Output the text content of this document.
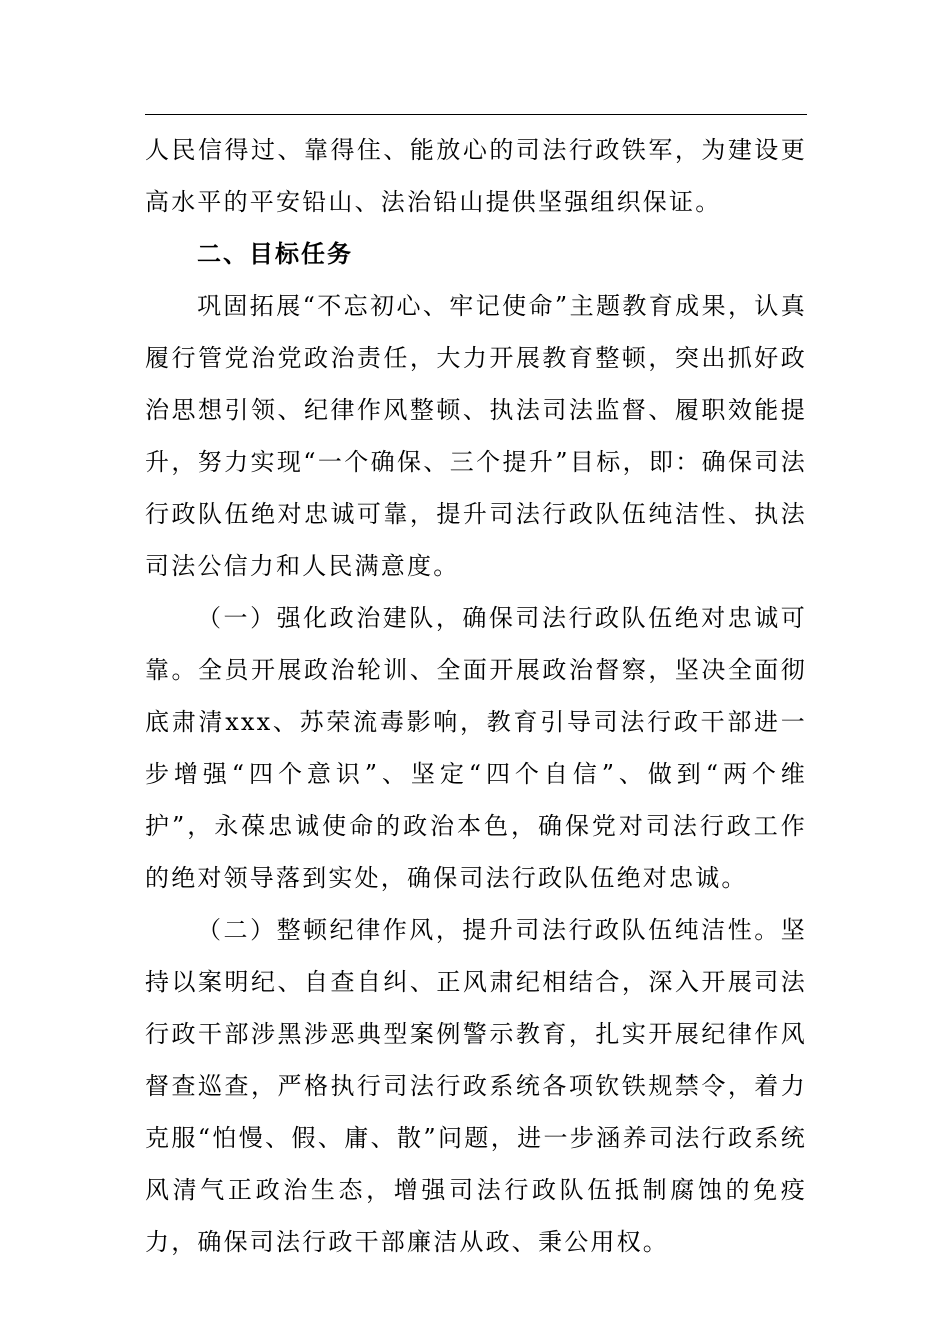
人民信得过、靠得住、能放心的司法行政铁军，为建设更高水平的平安铅山、法治铅山提供坚强组织保证。

二、目标任务

巩固拓展“不忘初心、牢记使命”主题教育成果，认真履行管党治党政治责任，大力开展教育整顿，突出抓好政治思想引领、纪律作风整顿、执法司法监督、履职效能提升，努力实现“一个确保、三个提升”目标，即：确保司法行政队伍绝对忠诚可靠，提升司法行政队伍纯洁性、执法司法公信力和人民满意度。

（一）强化政治建队，确保司法行政队伍绝对忠诚可靠。全员开展政治轮训、全面开展政治督察，坚决全面彻底肃清xxx、苏荣流毒影响，教育引导司法行政干部进一步增强“四个意识”、坚定“四个自信”、做到“两个维护”，永葆忠诚使命的政治本色，确保党对司法行政工作的绝对领导落到实处，确保司法行政队伍绝对忠诚。

（二）整顿纪律作风，提升司法行政队伍纯洁性。坚持以案明纪、自查自纠、正风肃纪相结合，深入开展司法行政干部涉黑涉恶典型案例警示教育，扎实开展纪律作风督查巡查，严格执行司法行政系统各项钦铁规禁令，着力克服“怕慢、假、庸、散”问题，进一步涵养司法行政系统风清气正政治生态，增强司法行政队伍抵制腐蚀的免疫力，确保司法行政干部廉洁从政、秉公用权。
